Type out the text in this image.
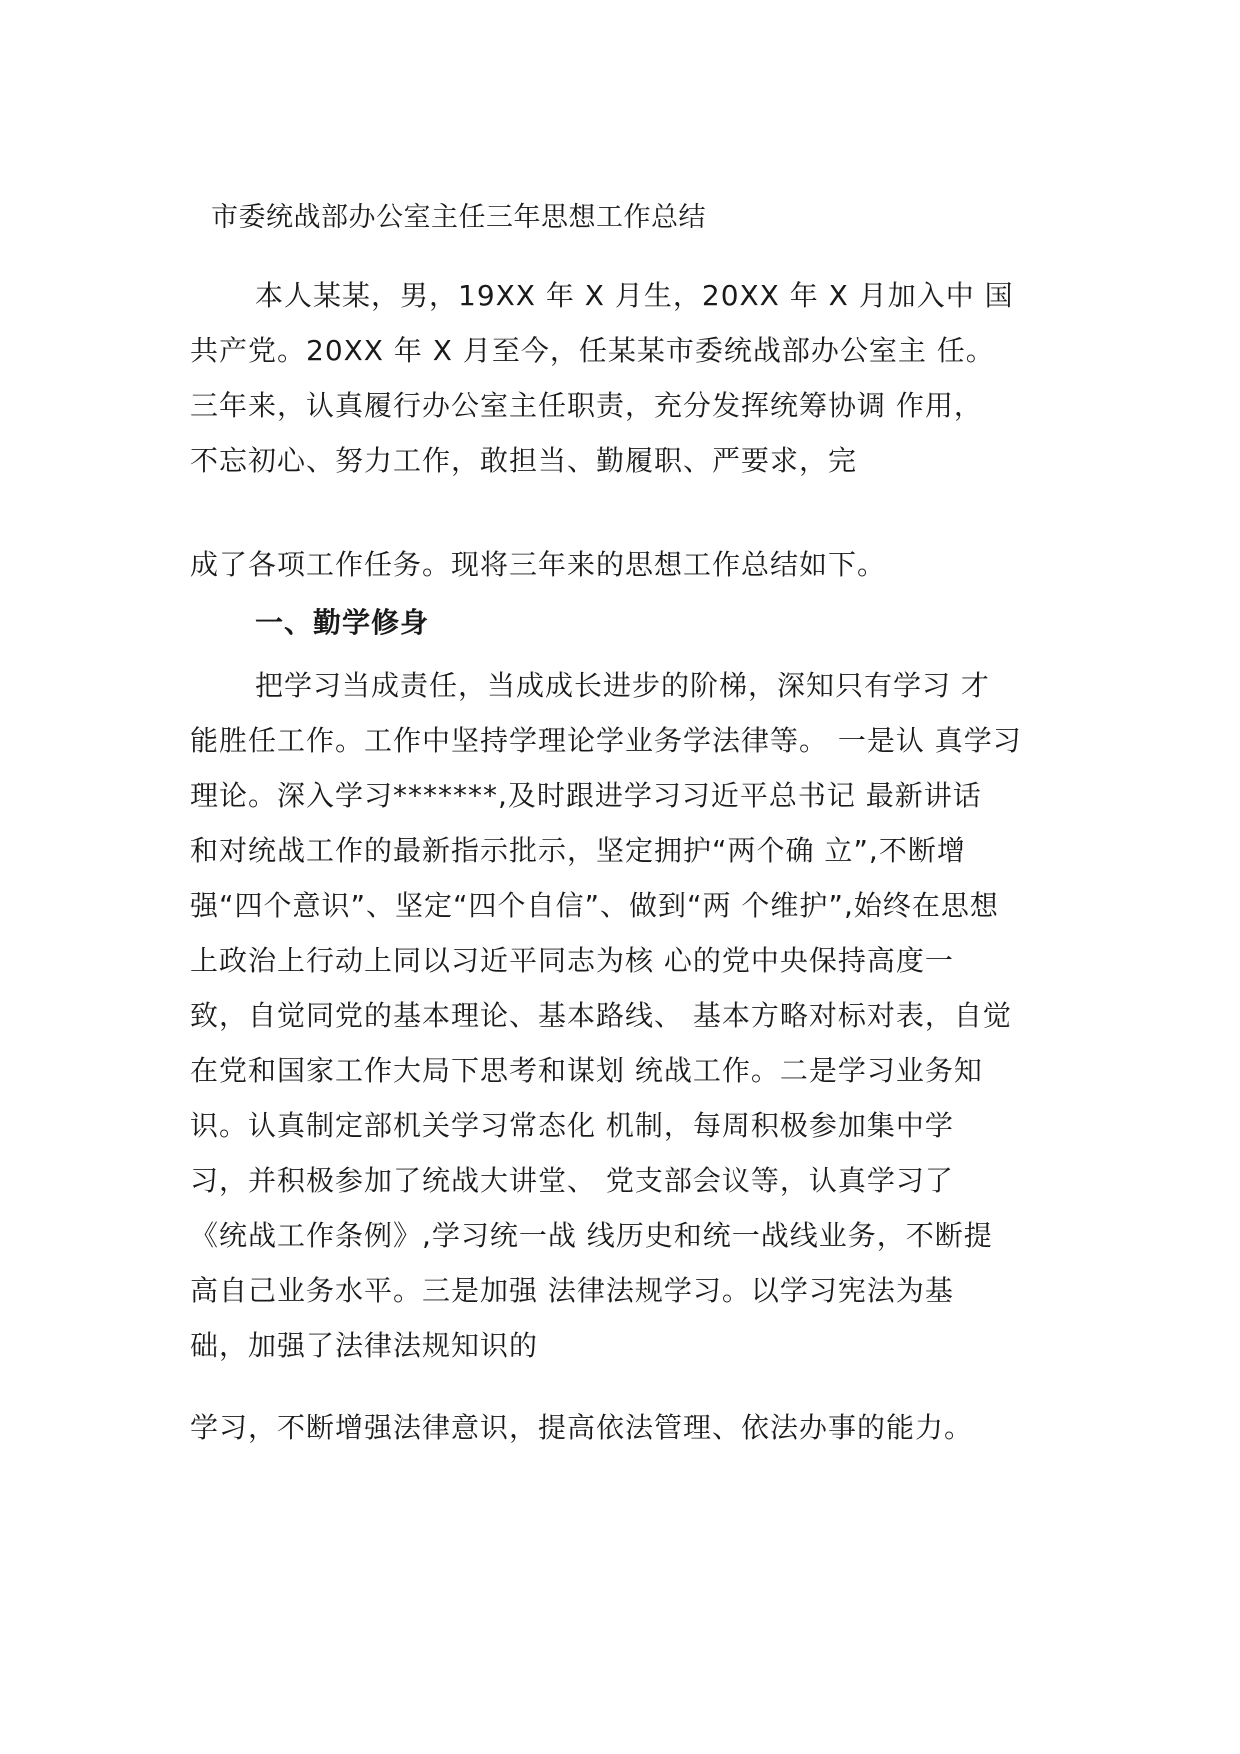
市委统战部办公室主任三年思想工作总结
本人某某，男，19XX 年 X 月生，20XX 年 X 月加入中 国
共产党。20XX 年 X 月至今，任某某市委统战部办公室主 任。
三年来，认真履行办公室主任职责，充分发挥统筹协调 作用，
不忘初心、努力工作，敢担当、勤履职、严要求，完
成了各项工作任务。现将三年来的思想工作总结如下。
一、勤学修身
把学习当成责任，当成成长进步的阶梯，深知只有学习 才
能胜任工作。工作中坚持学理论学业务学法律等。 一是认 真学习
理论。深入学习*******,及时跟进学习习近平总书记 最新讲话
和对统战工作的最新指示批示，坚定拥护“两个确 立”,不断增
强“四个意识”、坚定“四个自信”、做到“两 个维护”,始终在思想
上政治上行动上同以习近平同志为核 心的党中央保持高度一
致，自觉同党的基本理论、基本路线、 基本方略对标对表，自觉
在党和国家工作大局下思考和谋划 统战工作。二是学习业务知
识。认真制定部机关学习常态化 机制，每周积极参加集中学
习，并积极参加了统战大讲堂、 党支部会议等，认真学习了
《统战工作条例》,学习统一战 线历史和统一战线业务，不断提
高自己业务水平。三是加强 法律法规学习。以学习宪法为基
础，加强了法律法规知识的
学习，不断增强法律意识，提高依法管理、依法办事的能力。
